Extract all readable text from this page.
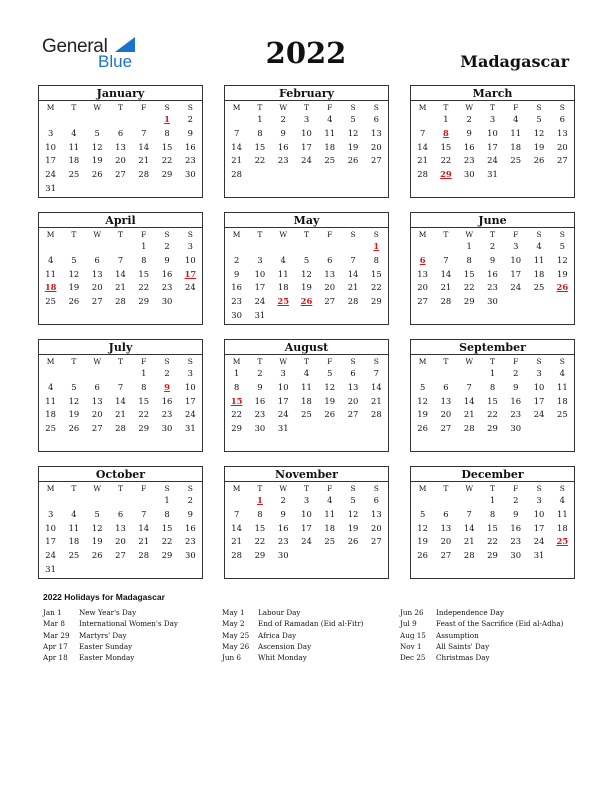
General
Blue	2022	Madagascar
January
M	T	W	T	F	S	S
					1	2
3	4	5	6	7	8	9
10	11	12	13	14	15	16
17	18	19	20	21	22	23
24	25	26	27	28	29	30
31						
February
M	T	W	T	F	S	S
	1	2	3	4	5	6
7	8	9	10	11	12	13
14	15	16	17	18	19	20
21	22	23	24	25	26	27
28						
March
M	T	W	T	F	S	S
	1	2	3	4	5	6
7	8	9	10	11	12	13
14	15	16	17	18	19	20
21	22	23	24	25	26	27
28	29	30	31			
April
M	T	W	T	F	S	S
				1	2	3
4	5	6	7	8	9	10
11	12	13	14	15	16	17
18	19	20	21	22	23	24
25	26	27	28	29	30	
May
M	T	W	T	F	S	S
						1
2	3	4	5	6	7	8
9	10	11	12	13	14	15
16	17	18	19	20	21	22
23	24	25	26	27	28	29
30	31					
June
M	T	W	T	F	S	S
		1	2	3	4	5
6	7	8	9	10	11	12
13	14	15	16	17	18	19
20	21	22	23	24	25	26
27	28	29	30			
July
M	T	W	T	F	S	S
				1	2	3
4	5	6	7	8	9	10
11	12	13	14	15	16	17
18	19	20	21	22	23	24
25	26	27	28	29	30	31
August
M	T	W	T	F	S	S
1	2	3	4	5	6	7
8	9	10	11	12	13	14
15	16	17	18	19	20	21
22	23	24	25	26	27	28
29	30	31				
September
M	T	W	T	F	S	S
			1	2	3	4
5	6	7	8	9	10	11
12	13	14	15	16	17	18
19	20	21	22	23	24	25
26	27	28	29	30		
October
M	T	W	T	F	S	S
					1	2
3	4	5	6	7	8	9
10	11	12	13	14	15	16
17	18	19	20	21	22	23
24	25	26	27	28	29	30
31						
November
M	T	W	T	F	S	S
	1	2	3	4	5	6
7	8	9	10	11	12	13
14	15	16	17	18	19	20
21	22	23	24	25	26	27
28	29	30				
December
M	T	W	T	F	S	S
			1	2	3	4
5	6	7	8	9	10	11
12	13	14	15	16	17	18
19	20	21	22	23	24	25
26	27	28	29	30	31	
2022 Holidays for Madagascar
Jan 1 New Year's Day
Mar 8 International Women's Day
Mar 29 Martyrs' Day
Apr 17 Easter Sunday
Apr 18 Easter Monday
May 1 Labour Day
May 2 End of Ramadan (Eid al-Fitr)
May 25 Africa Day
May 26 Ascension Day
Jun 6 Whit Monday
Jun 26 Independence Day
Jul 9	Feast of the Sacrifice (Eid al-Adha)
Aug 15 Assumption
Nov 1 All Saints' Day
Dec 25 Christmas Day
